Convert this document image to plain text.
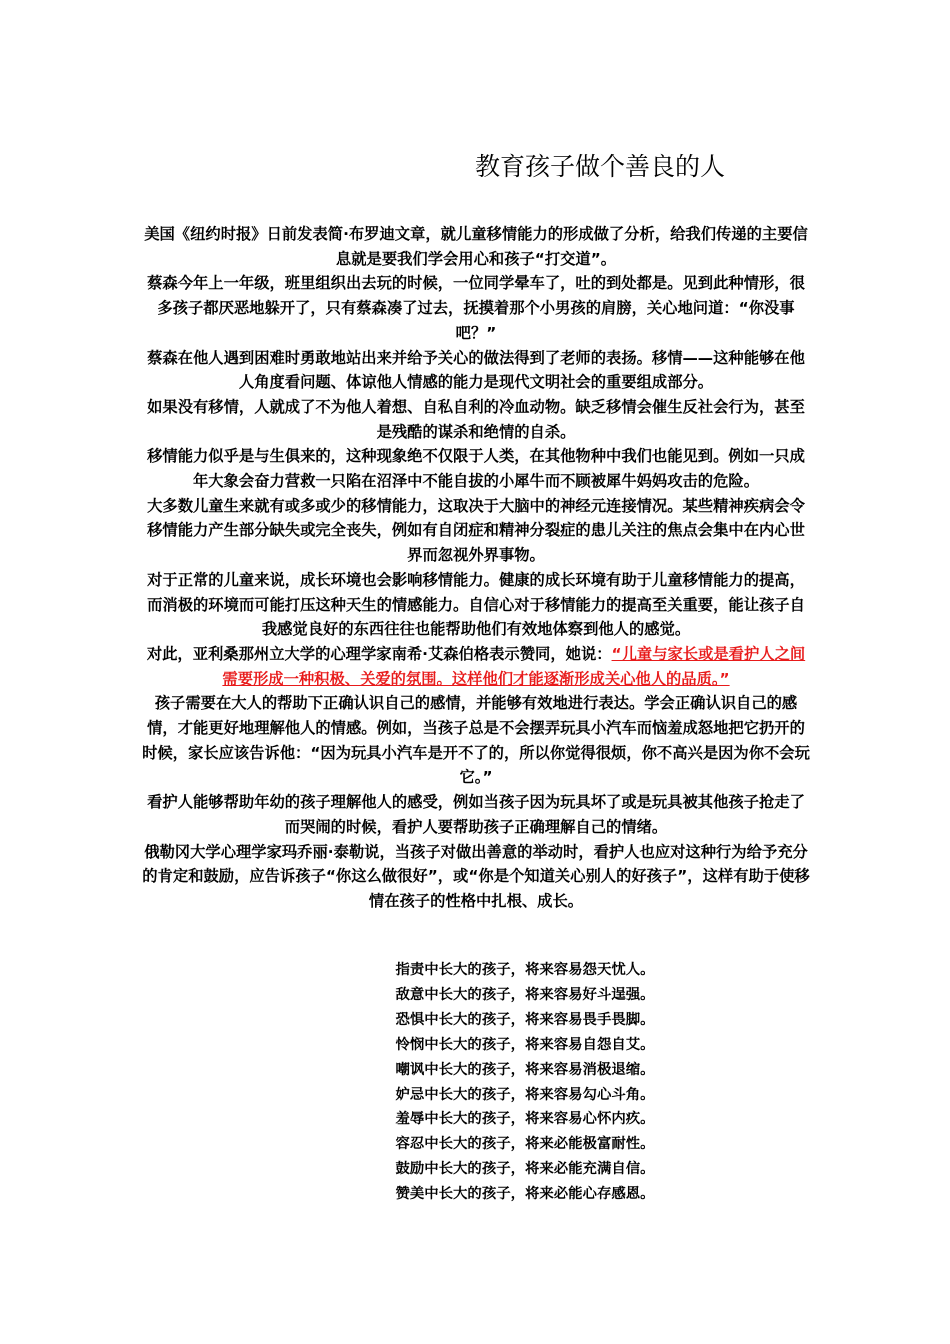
教育孩子做个善良的人

美国《纽约时报》日前发表简·布罗迪文章，就儿童移情能力的形成做了分析，给我们传递的主要信息就是要我们学会用心和孩子“打交道”。

蔡森今年上一年级，班里组织出去玩的时候，一位同学晕车了，吐的到处都是。见到此种情形，很多孩子都厌恶地躲开了，只有蔡森凑了过去，抚摸着那个小男孩的肩膀，关心地问道：“你没事吧？”

蔡森在他人遇到困难时勇敢地站出来并给予关心的做法得到了老师的表扬。移情——这种能够在他人角度看问题、体谅他人情感的能力是现代文明社会的重要组成部分。

如果没有移情，人就成了不为他人着想、自私自利的冷血动物。缺乏移情会催生反社会行为，甚至是残酷的谋杀和绝情的自杀。

移情能力似乎是与生俱来的，这种现象绝不仅限于人类，在其他物种中我们也能见到。例如一只成年大象会奋力营救一只陷在沼泽中不能自拔的小犀牛而不顾被犀牛妈妈攻击的危险。

大多数儿童生来就有或多或少的移情能力，这取决于大脑中的神经元连接情况。某些精神疾病会令移情能力产生部分缺失或完全丧失，例如有自闭症和精神分裂症的患儿关注的焦点会集中在内心世界而忽视外界事物。

对于正常的儿童来说，成长环境也会影响移情能力。健康的成长环境有助于儿童移情能力的提高，而消极的环境而可能打压这种天生的情感能力。自信心对于移情能力的提高至关重要，能让孩子自我感觉良好的东西往往也能帮助他们有效地体察到他人的感觉。

对此，亚利桑那州立大学的心理学家南希·艾森伯格表示赞同，她说：“儿童与家长或是看护人之间需要形成一种积极、关爱的氛围。这样他们才能逐渐形成关心他人的品质。”

孩子需要在大人的帮助下正确认识自己的感情，并能够有效地进行表达。学会正确认识自己的感情，才能更好地理解他人的情感。例如，当孩子总是不会摆弄玩具小汽车而恼羞成怒地把它扔开的时候，家长应该告诉他：“因为玩具小汽车是开不了的，所以你觉得很烦，你不高兴是因为你不会玩它。”

看护人能够帮助年幼的孩子理解他人的感受，例如当孩子因为玩具坏了或是玩具被其他孩子抢走了而哭闹的时候，看护人要帮助孩子正确理解自己的情绪。

俄勒冈大学心理学家玛乔丽·泰勒说，当孩子对做出善意的举动时，看护人也应对这种行为给予充分的肯定和鼓励，应告诉孩子“你这么做很好”，或“你是个知道关心别人的好孩子”，这样有助于使移情在孩子的性格中扎根、成长。

指责中长大的孩子，将来容易怨天忧人。
敌意中长大的孩子，将来容易好斗逞强。
恐惧中长大的孩子，将来容易畏手畏脚。
怜悯中长大的孩子，将来容易自怨自艾。
嘲讽中长大的孩子，将来容易消极退缩。
妒忌中长大的孩子，将来容易勾心斗角。
羞辱中长大的孩子，将来容易心怀内疚。
容忍中长大的孩子，将来必能极富耐性。
鼓励中长大的孩子，将来必能充满自信。
赞美中长大的孩子，将来必能心存感恩。
